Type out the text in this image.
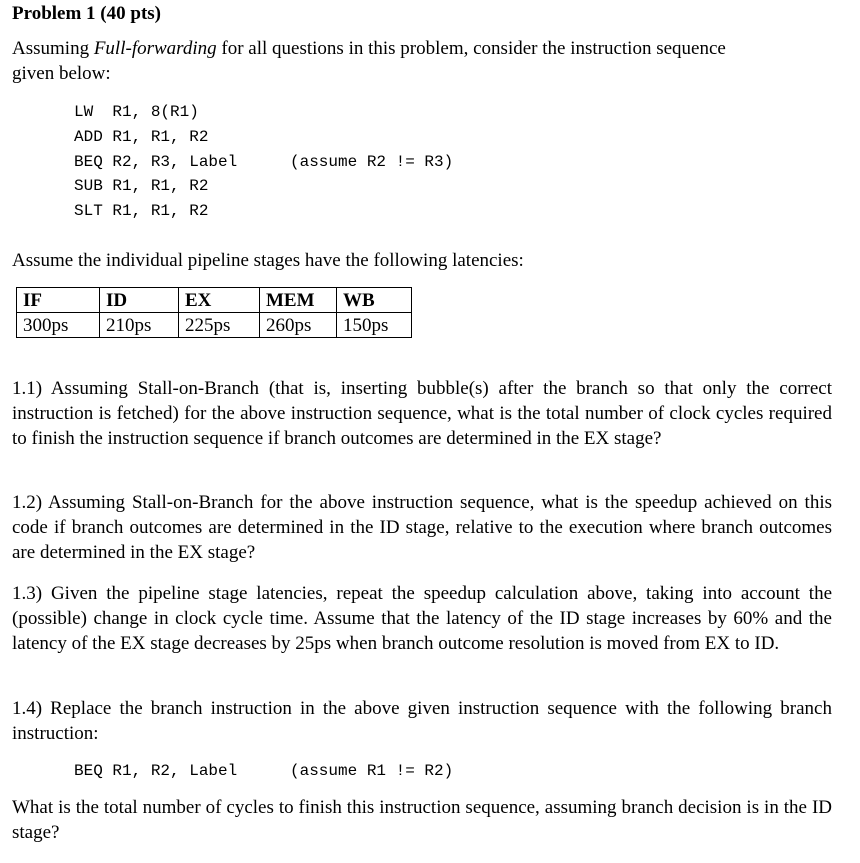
Problem 1 (40 pts)
Assuming Full-forwarding for all questions in this problem, consider the instruction sequence
given below:
LW  R1, 8(R1)
ADD R1, R1, R2
BEQ R2, R3, Label	(assume R2 != R3)
SUB R1, R1, R2
SLT R1, R1, R2
Assume the individual pipeline stages have the following latencies:
IF	ID	EX	MEM	WB
300ps	210ps	225ps	260ps	150ps
1.1) Assuming Stall-on-Branch (that is, inserting bubble(s) after the branch so that only the correct instruction is fetched) for the above instruction sequence, what is the total number of clock cycles required to finish the instruction sequence if branch outcomes are determined in the EX stage?
1.2) Assuming Stall-on-Branch for the above instruction sequence, what is the speedup achieved on this code if branch outcomes are determined in the ID stage, relative to the execution where branch outcomes are determined in the EX stage?
1.3) Given the pipeline stage latencies, repeat the speedup calculation above, taking into account the (possible) change in clock cycle time. Assume that the latency of the ID stage increases by 60% and the latency of the EX stage decreases by 25ps when branch outcome resolution is moved from EX to ID.
1.4) Replace the branch instruction in the above given instruction sequence with the following branch instruction:
BEQ R1, R2, Label	(assume R1 != R2)
What is the total number of cycles to finish this instruction sequence, assuming branch decision is in the ID stage?
